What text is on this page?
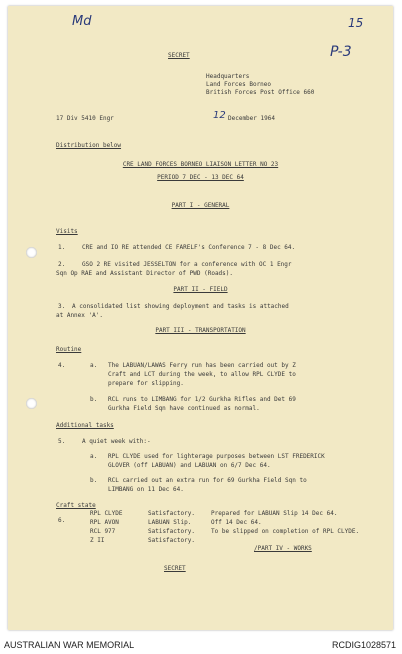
Md	15
P-3
12
SECRET
Headquarters
Land Forces Borneo
British Forces Post Office 660
17 Div 5410 Engr	December 1964
Distribution below
CRE LAND FORCES BORNEO LIAISON LETTER NO 23
PERIOD 7 DEC - 13 DEC 64
PART I - GENERAL
Visits
1.	CRE and IO RE attended CE FARELF's Conference 7 - 8 Dec 64.
2.	GSO 2 RE visited JESSELTON for a conference with OC 1 Engr
Sqn Op RAE and Assistant Director of PWD (Roads).
PART II - FIELD
3. A consolidated list showing deployment and tasks is attached
at Annex 'A'.
PART III - TRANSPORTATION
Routine
4.	a. The LABUAN/LAWAS Ferry run has been carried out by Z
Craft and LCT during the week, to allow RPL CLYDE to
prepare for slipping.
b. RCL runs to LIMBANG for 1/2 Gurkha Rifles and Det 69
Gurkha Field Sqn have continued as normal.
Additional tasks
5.	A quiet week with:-
a. RPL CLYDE used for lighterage purposes between LST FREDERICK
GLOVER (off LABUAN) and LABUAN on 6/7 Dec 64.
b. RCL carried out an extra run for 69 Gurkha Field Sqn to
LIMBANG on 11 Dec 64.
Craft state
6.
RPL CLYDE	Satisfactory.	Prepared for LABUAN Slip 14 Dec 64.
RPL AVON	LABUAN Slip.	Off 14 Dec 64.
RCL 977	Satisfactory.	To be slipped on completion of RPL CLYDE.
Z II	Satisfactory.
/PART IV - WORKS
SECRET
AUSTRALIAN WAR MEMORIAL	RCDIG1028571
